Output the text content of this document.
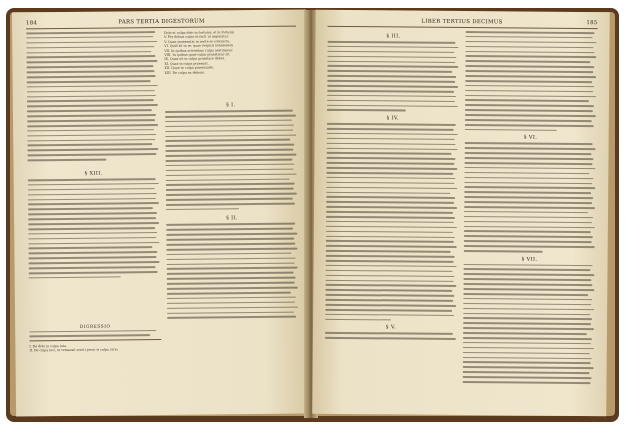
184	PARS TERTIA DIGESTORUM
§ XIII.
DIGRESSIO
I. De dolo in culpa lata.
II. De culpa levi, et remansit nociti prout is culpa ratio.
Dolo et culpa dolo in fortunis, et in fortunis
V. Per dolum culpa et facit ut imputatur.
V. Quae praesentia in nocte et contractu.
VI. Quid sit in re, quae respicit solutionem
VII. In quibus actionibus culpa aestimatur.
VIII. In quibus quae culpa praestatur sit.
IX. Quae sit in culpa praestare debet.
XI. Quae in culpa praesunt.
XII. Quae in culpa praestando.
XIII. De culpa ex deliciis.
§ I.
§ II.
LIBER TERTIUS DECIMUS	185
§ III.
§ IV.
§ V.
§ VI.
§ VII.
